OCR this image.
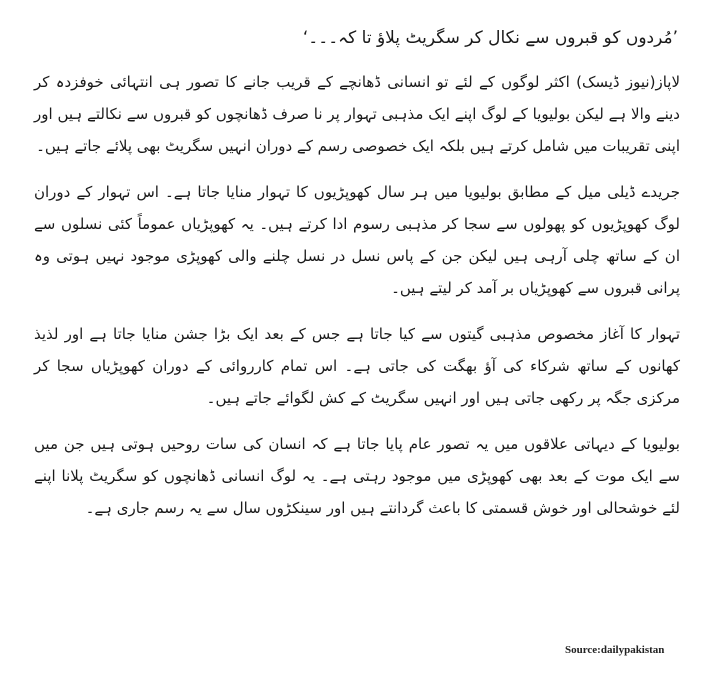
’مُردوں کو قبروں سے نکال کر سگریٹ پلاؤ تا کہ۔۔۔‘

لاپاز(نیوز ڈیسک) اکثر لوگوں کے لئے تو انسانی ڈھانچے کے قریب جانے کا تصور ہی انتہائی خوفزدہ کر دینے والا ہے لیکن بولیویا کے لوگ اپنے ایک مذہبی تہوار پر نا صرف ڈھانچوں کو قبروں سے نکالتے ہیں اور اپنی تقریبات میں شامل کرتے ہیں بلکہ ایک خصوصی رسم کے دوران انہیں سگریٹ بھی پلائے جاتے ہیں۔

جریدے ڈیلی میل کے مطابق بولیویا میں ہر سال کھوپڑیوں کا تہوار منایا جاتا ہے۔ اس تہوار کے دوران لوگ کھوپڑیوں کو پھولوں سے سجا کر مذہبی رسوم ادا کرتے ہیں۔ یہ کھوپڑیاں عموماً کئی نسلوں سے ان کے ساتھ چلی آرہی ہیں لیکن جن کے پاس نسل در نسل چلنے والی کھوپڑی موجود نہیں ہوتی وہ پرانی قبروں سے کھوپڑیاں بر آمد کر لیتے ہیں۔

تہوار کا آغاز مخصوص مذہبی گیتوں سے کیا جاتا ہے جس کے بعد ایک بڑا جشن منایا جاتا ہے اور لذیذ کھانوں کے ساتھ شرکاء کی آؤ بھگت کی جاتی ہے۔ اس تمام کارروائی کے دوران کھوپڑیاں سجا کر مرکزی جگہ پر رکھی جاتی ہیں اور انہیں سگریٹ کے کش لگوائے جاتے ہیں۔

بولیویا کے دیہاتی علاقوں میں یہ تصور عام پایا جاتا ہے کہ انسان کی سات روحیں ہوتی ہیں جن میں سے ایک موت کے بعد بھی کھوپڑی میں موجود رہتی ہے۔ یہ لوگ انسانی ڈھانچوں کو سگریٹ پلانا اپنے لئے خوشحالی اور خوش قسمتی کا باعث گردانتے ہیں اور سینکڑوں سال سے یہ رسم جاری ہے۔

Source:dailypakistan
